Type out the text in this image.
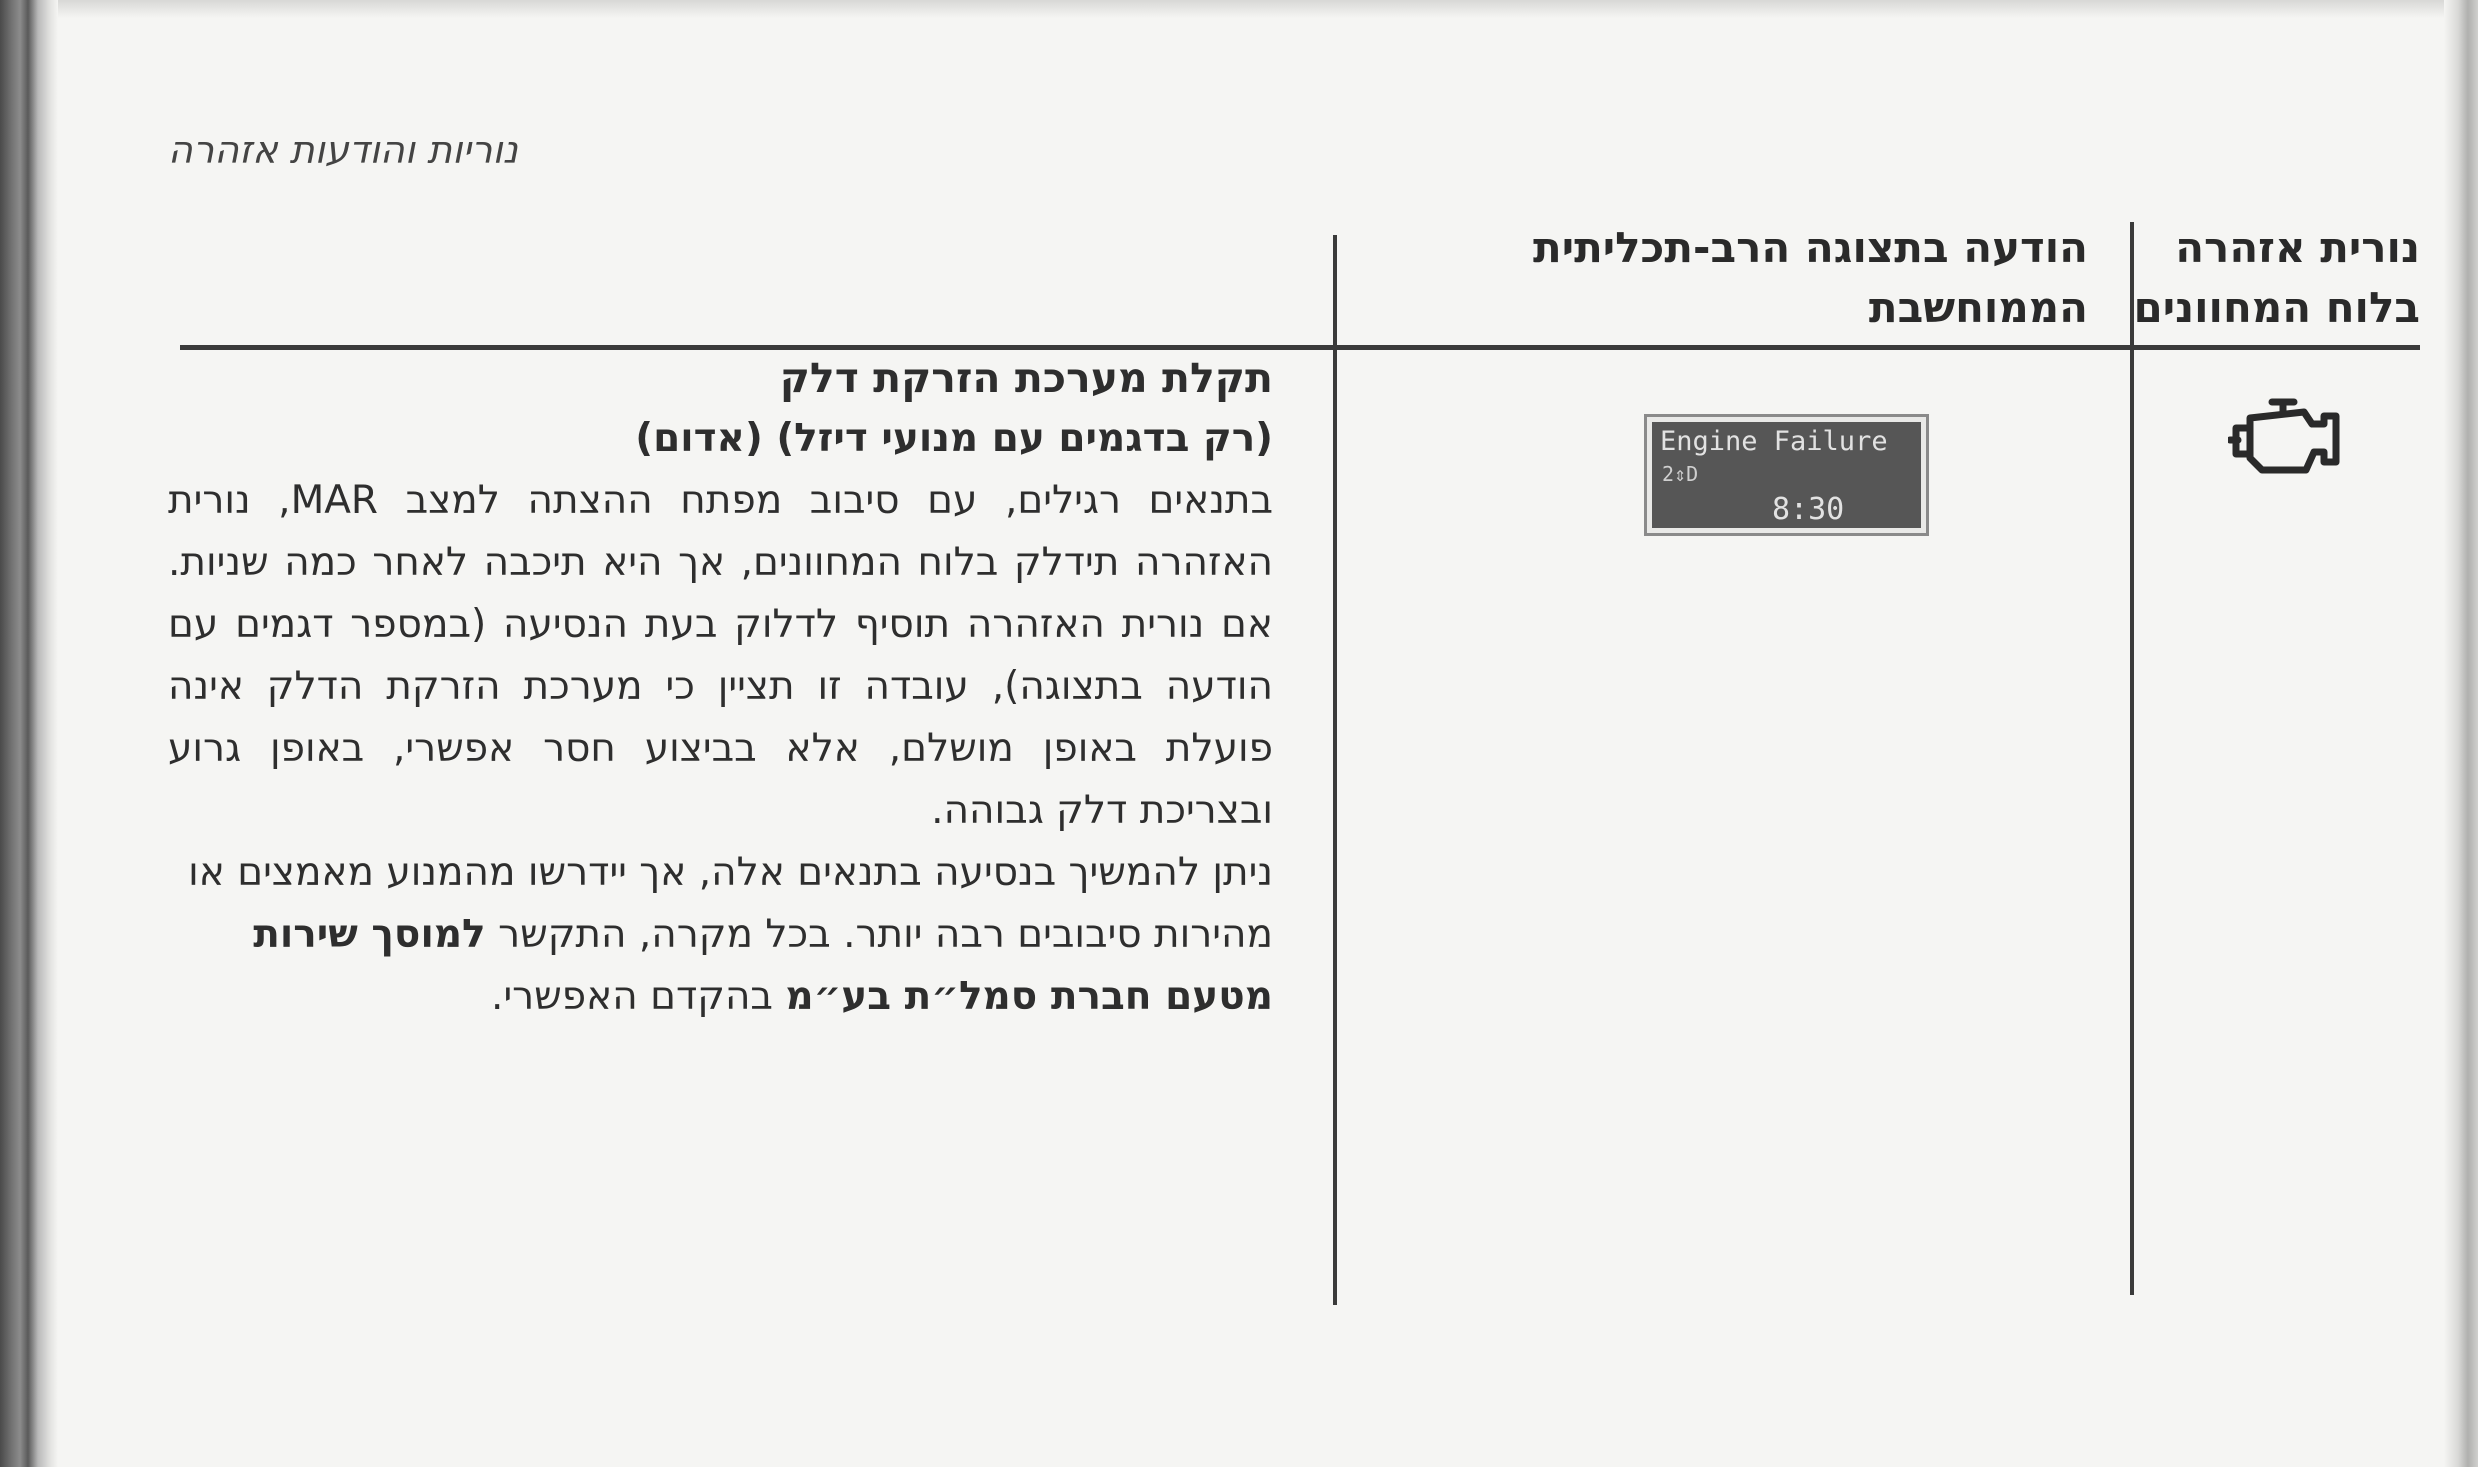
נוריות והודעות אזהרה
נורית אזהרה
בלוח המחוונים
הודעה בתצוגה הרב-תכליתית
הממוחשבת
Engine Failure
2⇕D
8:30

תקלת מערכת הזרקת דלק

(רק בדגמים עם מנועי דיזל) (אדום)

בתנאים רגילים, עם סיבוב מפתח ההצתה למצב MAR, נורית האזהרה תידלק בלוח המחוונים, אך היא תיכבה לאחר כמה שניות. אם נורית האזהרה תוסיף לדלוק בעת הנסיעה (במספר דגמים עם הודעה בתצוגה), עובדה זו תציין כי מערכת הזרקת הדלק אינה פועלת באופן מושלם, אלא בביצוע חסר אפשרי, באופן גרוע ובצריכת דלק גבוהה.

ניתן להמשיך בנסיעה בתנאים אלה, אך יידרשו מהמנוע מאמצים או מהירות סיבובים רבה יותר. בכל מקרה, התקשר למוסך שירות מטעם חברת סמל״ת בע״מ בהקדם האפשרי.
